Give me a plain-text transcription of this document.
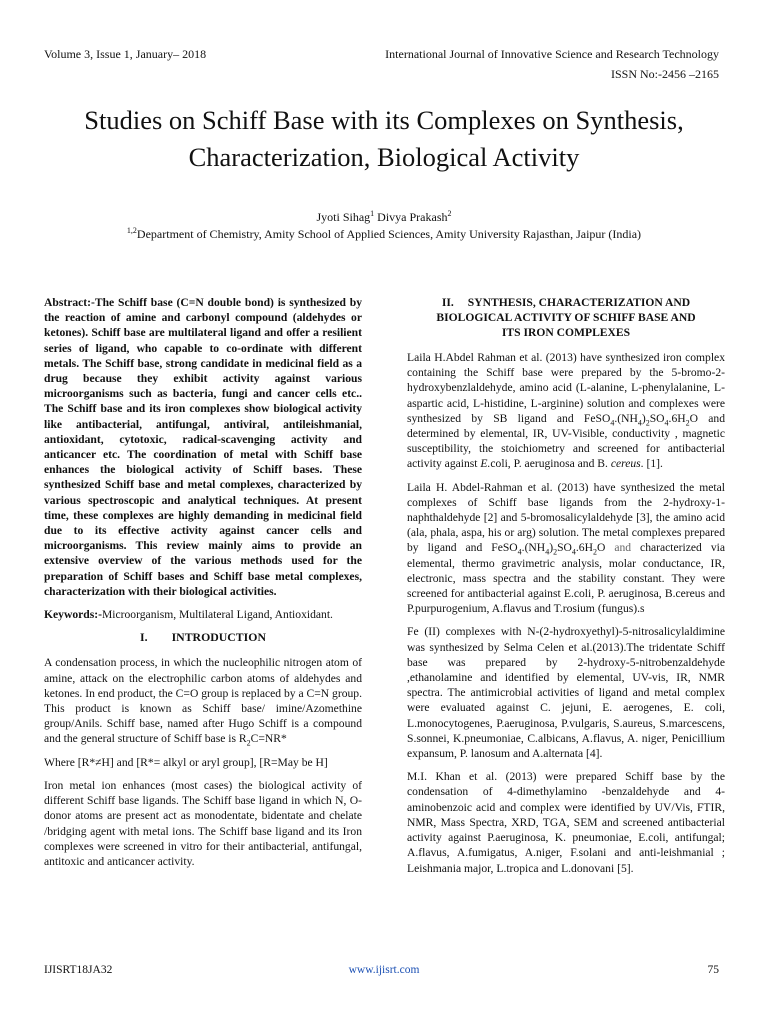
Volume 3, Issue 1, January– 2018	International Journal of Innovative Science and Research Technology
ISSN No:-2456 –2165
Studies on Schiff Base with its Complexes on Synthesis, Characterization, Biological Activity
Jyoti Sihag$^1$ Divya Prakash$^2$
$^{1,2}$Department of Chemistry, Amity School of Applied Sciences, Amity University Rajasthan, Jaipur (India)

Abstract:-The Schiff base (C=N double bond) is synthesized by the reaction of amine and carbonyl compound (aldehydes or ketones). Schiff base are multilateral ligand and offer a resilient series of ligand, who capable to co-ordinate with different metals. The Schiff base, strong candidate in medicinal field as a drug because they exhibit activity against various microorganisms such as bacteria, fungi and cancer cells etc.. The Schiff base and its iron complexes show biological activity like antibacterial, antifungal, antiviral, antileishmanial, antioxidant, cytotoxic, radical-scavenging activity and anticancer etc. The coordination of metal with Schiff base enhances the biological activity of Schiff bases. These synthesized Schiff base and metal complexes, characterized by various spectroscopic and analytical techniques. At present time, these complexes are highly demanding in medicinal field due to its effective activity against cancer cells and microorganisms. This review mainly aims to provide an extensive overview of the various methods used for the preparation of Schiff bases and Schiff base metal complexes, characterization with their biological activities.

Keywords:-Microorganism, Multilateral Ligand, Antioxidant.

I. INTRODUCTION

A condensation process, in which the nucleophilic nitrogen atom of amine, attack on the electrophilic carbon atoms of aldehydes and ketones. In end product, the C=O group is replaced by a C=N group. This product is known as Schiff base/ imine/Azomethine group/Anils. Schiff base, named after Hugo Schiff is a compound and the general structure of Schiff base is $R_2C=NR*$

Where [R*≠H] and [R*= alkyl or aryl group], [R=May be H]

Iron metal ion enhances (most cases) the biological activity of different Schiff base ligands. The Schiff base ligand in which N, O-donor atoms are present act as monodentate, bidentate and chelate /bridging agent with metal ions. The Schiff base ligand and its Iron complexes were screened in vitro for their antibacterial, antifungal, antitoxic and anticancer activity.

II. SYNTHESIS, CHARACTERIZATION AND
BIOLOGICAL ACTIVITY OF SCHIFF BASE AND
ITS IRON COMPLEXES

Laila H.Abdel Rahman et al. (2013) have synthesized iron complex containing the Schiff base were prepared by the 5-bromo-2-hydroxybenzlaldehyde, amino acid (L-alanine, L-phenylalanine, L-aspartic acid, L-histidine, L-arginine) solution and complexes were synthesized by SB ligand and $FeSO_4.(NH_4)_2SO_4.6H_2O$ and determined by elemental, IR, UV-Visible, conductivity , magnetic susceptibility, the stoichiometry and screened for antibacterial activity against E.coli, P. aeruginosa and B. cereus. [1].

Laila H. Abdel-Rahman et al. (2013) have synthesized the metal complexes of Schiff base ligands from the 2-hydroxy-1-naphthaldehyde [2] and 5-bromosalicylaldehyde [3], the amino acid (ala, phala, aspa, his or arg) solution. The metal complexes prepared by ligand and $FeSO_4.(NH_4)_2SO_4.6H_2O$ and characterized via elemental, thermo gravimetric analysis, molar conductance, IR, electronic, mass spectra and the stability constant. They were screened for antibacterial against E.coli, P. aeruginosa, B.cereus and P.purpurogenium, A.flavus and T.rosium (fungus).s

Fe (II) complexes with N-(2-hydroxyethyl)-5-nitrosalicylaldimine was synthesized by Selma Celen et al.(2013).The tridentate Schiff base was prepared by 2-hydroxy-5-nitrobenzaldehyde ,ethanolamine and identified by elemental, UV-vis, IR, NMR spectra. The antimicrobial activities of ligand and metal complex were evaluated against C. jejuni, E. aerogenes, E. coli, L.monocytogenes, P.aeruginosa, P.vulgaris, S.aureus, S.marcescens, S.sonnei, K.pneumoniae, C.albicans, A.flavus, A. niger, Penicillium expansum, P. lanosum and A.alternata [4].

M.I. Khan et al. (2013) were prepared Schiff base by the condensation of 4-dimethylamino -benzaldehyde and 4-aminobenzoic acid and complex were identified by UV/Vis, FTIR, NMR, Mass Spectra, XRD, TGA, SEM and screened antibacterial activity against P.aeruginosa, K. pneumoniae, E.coli, antifungal; A.flavus, A.fumigatus, A.niger, F.solani and anti-leishmanial ; Leishmania major, L.tropica and L.donovani [5].

IJISRT18JA32	www.ijisrt.com	75
